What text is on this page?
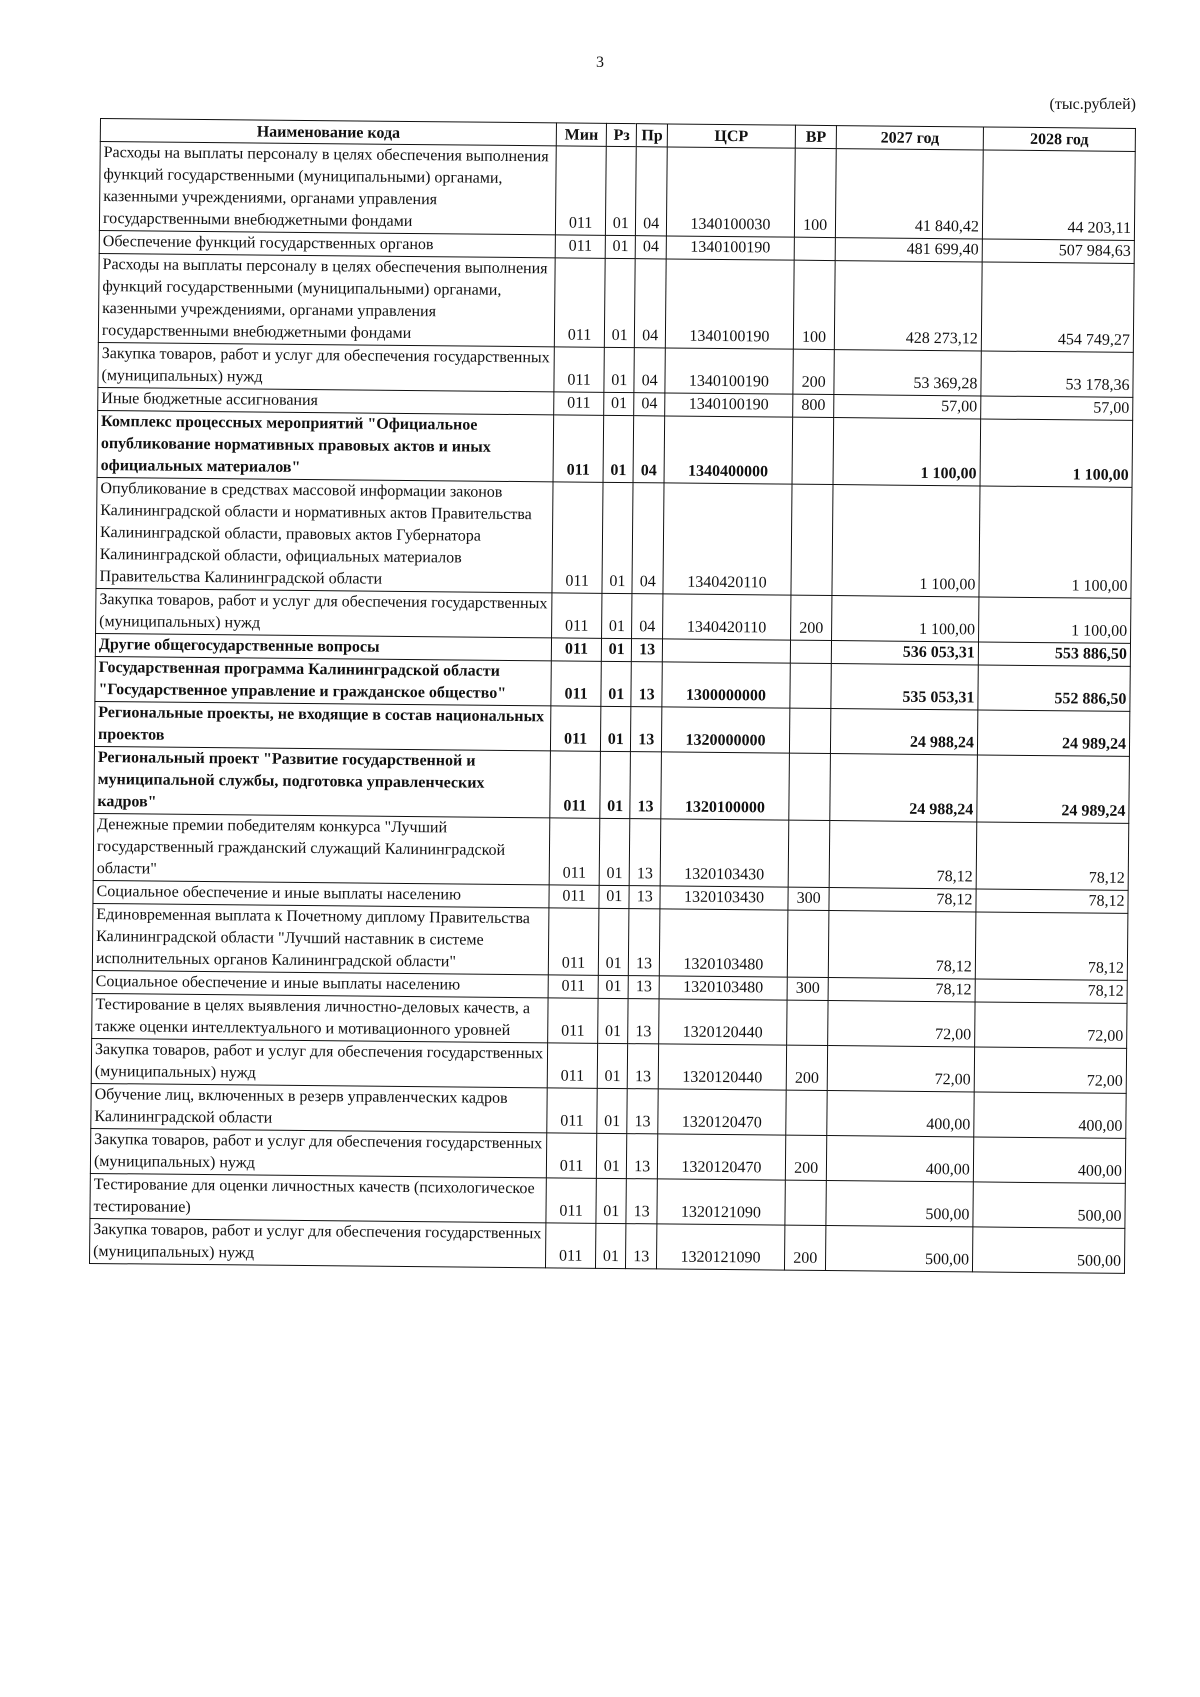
3
(тыс.рублей)
Наименование кода	Мин	Рз	Пр	ЦСР	ВР	2027 год	2028 год
Расходы на выплаты персоналу в целях обеспечения выполнения функций государственными (муниципальными) органами, казенными учреждениями, органами управления государственными внебюджетными фондами	011	01	04	1340100030	100	41 840,42	44 203,11
Обеспечение функций государственных органов	011	01	04	1340100190		481 699,40	507 984,63
Расходы на выплаты персоналу в целях обеспечения выполнения функций государственными (муниципальными) органами, казенными учреждениями, органами управления государственными внебюджетными фондами	011	01	04	1340100190	100	428 273,12	454 749,27
Закупка товаров, работ и услуг для обеспечения государственных (муниципальных) нужд	011	01	04	1340100190	200	53 369,28	53 178,36
Иные бюджетные ассигнования	011	01	04	1340100190	800	57,00	57,00
Комплекс процессных мероприятий "Официальное опубликование нормативных правовых актов и иных официальных материалов"	011	01	04	1340400000		1 100,00	1 100,00
Опубликование в средствах массовой информации законов Калининградской области и нормативных актов Правительства Калининградской области, правовых актов Губернатора Калининградской области, официальных материалов Правительства Калининградской области	011	01	04	1340420110		1 100,00	1 100,00
Закупка товаров, работ и услуг для обеспечения государственных (муниципальных) нужд	011	01	04	1340420110	200	1 100,00	1 100,00
Другие общегосударственные вопросы	011	01	13			536 053,31	553 886,50
Государственная программа Калининградской области "Государственное управление и гражданское общество"	011	01	13	1300000000		535 053,31	552 886,50
Региональные проекты, не входящие в состав национальных проектов	011	01	13	1320000000		24 988,24	24 989,24
Региональный проект "Развитие государственной и муниципальной службы, подготовка управленческих кадров"	011	01	13	1320100000		24 988,24	24 989,24
Денежные премии победителям конкурса "Лучший государственный гражданский служащий Калининградской области"	011	01	13	1320103430		78,12	78,12
Социальное обеспечение и иные выплаты населению	011	01	13	1320103430	300	78,12	78,12
Единовременная выплата к Почетному диплому Правительства Калининградской области "Лучший наставник в системе исполнительных органов Калининградской области"	011	01	13	1320103480		78,12	78,12
Социальное обеспечение и иные выплаты населению	011	01	13	1320103480	300	78,12	78,12
Тестирование в целях выявления личностно-деловых качеств, а также оценки интеллектуального и мотивационного уровней	011	01	13	1320120440		72,00	72,00
Закупка товаров, работ и услуг для обеспечения государственных (муниципальных) нужд	011	01	13	1320120440	200	72,00	72,00
Обучение лиц, включенных в резерв управленческих кадров Калининградской области	011	01	13	1320120470		400,00	400,00
Закупка товаров, работ и услуг для обеспечения государственных (муниципальных) нужд	011	01	13	1320120470	200	400,00	400,00
Тестирование для оценки личностных качеств (психологическое тестирование)	011	01	13	1320121090		500,00	500,00
Закупка товаров, работ и услуг для обеспечения государственных (муниципальных) нужд	011	01	13	1320121090	200	500,00	500,00
